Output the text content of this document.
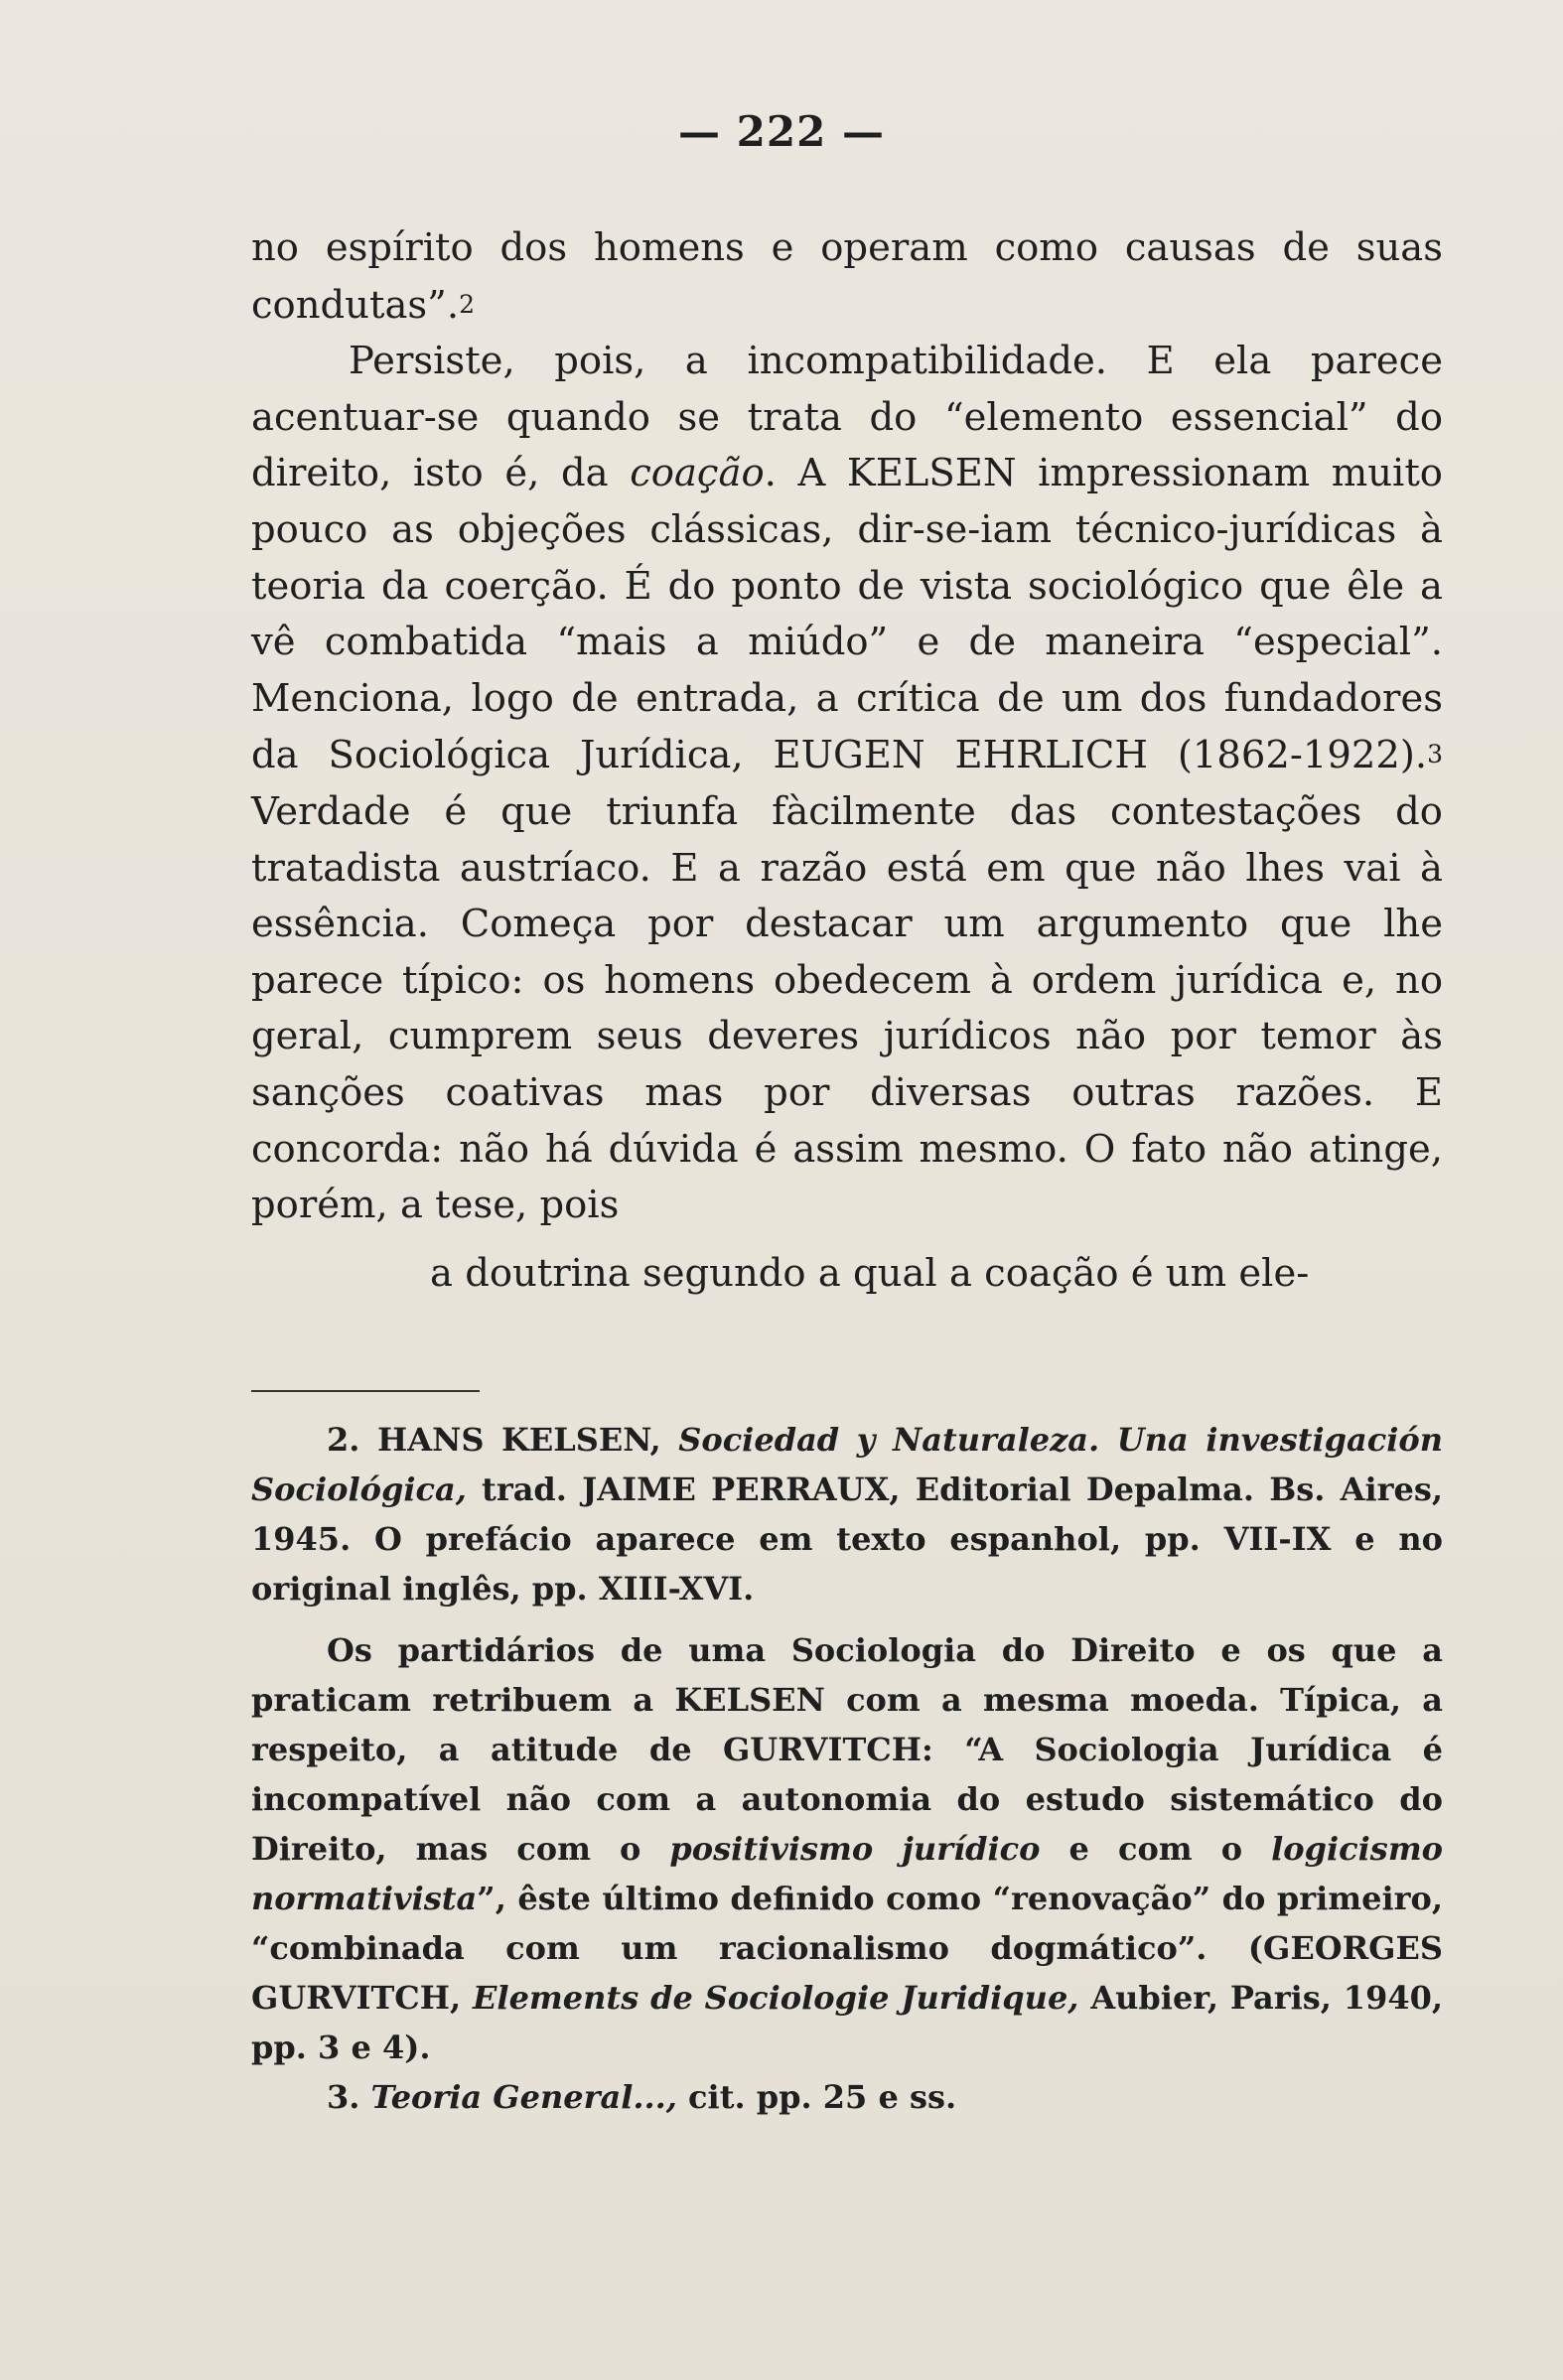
— 222 —

no espírito dos homens e operam como causas de suas condutas”.$^2$

Persiste, pois, a incompatibilidade. E ela parece acentuar-se quando se trata do “elemento essencial” do direito, isto é, da coação. A KELSEN impressionam muito pouco as objeções clássicas, dir-se-iam técnico-jurídicas à teoria da coerção. É do ponto de vista sociológico que êle a vê combatida “mais a miúdo” e de maneira “especial”. Menciona, logo de entrada, a crítica de um dos fundadores da Sociológica Jurídica, EUGEN EHRLICH (1862-1922).$^3$ Verdade é que triunfa fàcilmente das contestações do tratadista austríaco. E a razão está em que não lhes vai à essência. Começa por destacar um argumento que lhe parece típico: os homens obedecem à ordem jurídica e, no geral, cumprem seus deveres jurídicos não por temor às sanções coativas mas por diversas outras razões. E concorda: não há dúvida é assim mesmo. O fato não atinge, porém, a tese, pois

a doutrina segundo a qual a coação é um ele-

2. HANS KELSEN, Sociedad y Naturaleza. Una investigación Sociológica, trad. JAIME PERRAUX, Editorial Depalma. Bs. Aires, 1945. O prefácio aparece em texto espanhol, pp. VII-IX e no original inglês, pp. XIII-XVI.

Os partidários de uma Sociologia do Direito e os que a praticam retribuem a KELSEN com a mesma moeda. Típica, a respeito, a atitude de GURVITCH: “A Sociologia Jurídica é incompatível não com a autonomia do estudo sistemático do Direito, mas com o positivismo jurídico e com o logicismo normativista”, êste último definido como “renovação” do primeiro, “combinada com um racionalismo dogmático”. (GEORGES GURVITCH, Elements de Sociologie Juridique, Aubier, Paris, 1940, pp. 3 e 4).

3. Teoria General..., cit. pp. 25 e ss.
